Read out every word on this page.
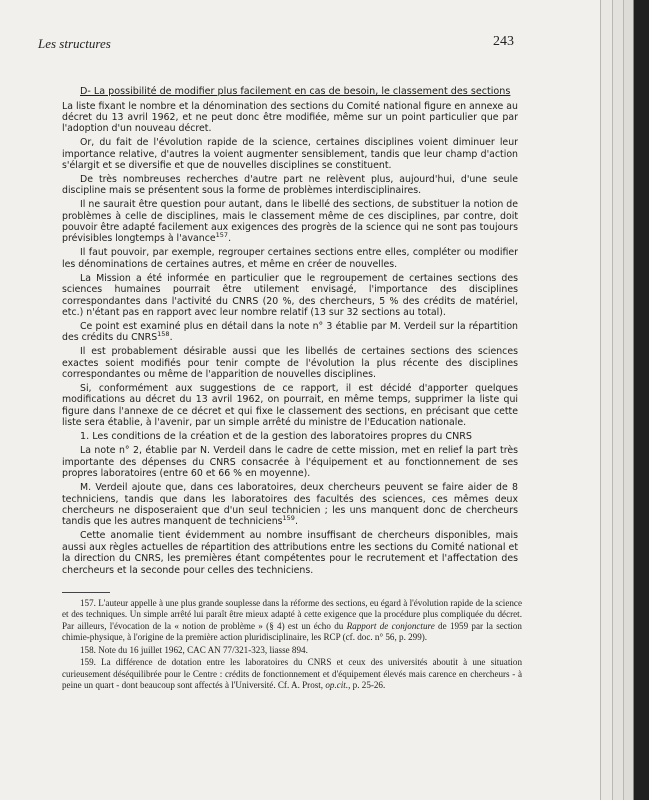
Les structures	243

D- La possibilité de modifier plus facilement en cas de besoin, le classement des sections

La liste fixant le nombre et la dénomination des sections du Comité national figure en annexe au décret du 13 avril 1962, et ne peut donc être modifiée, même sur un point particulier que par l'adoption d'un nouveau décret.

Or, du fait de l'évolution rapide de la science, certaines disciplines voient diminuer leur importance relative, d'autres la voient augmenter sensiblement, tandis que leur champ d'action s'élargit et se diversifie et que de nouvelles disciplines se constituent.

De très nombreuses recherches d'autre part ne relèvent plus, aujourd'hui, d'une seule discipline mais se présentent sous la forme de problèmes interdisciplinaires.

Il ne saurait être question pour autant, dans le libellé des sections, de substituer la notion de problèmes à celle de disciplines, mais le classement même de ces disciplines, par contre, doit pouvoir être adapté facilement aux exigences des progrès de la science qui ne sont pas toujours prévisibles longtemps à l'avance$^{157}$.

Il faut pouvoir, par exemple, regrouper certaines sections entre elles, compléter ou modifier les dénominations de certaines autres, et même en créer de nouvelles.

La Mission a été informée en particulier que le regroupement de certaines sections des sciences humaines pourrait être utilement envisagé, l'importance des disciplines correspondantes dans l'activité du CNRS (20 %, des chercheurs, 5 % des crédits de matériel, etc.) n'étant pas en rapport avec leur nombre relatif (13 sur 32 sections au total).

Ce point est examiné plus en détail dans la note n° 3 établie par M. Verdeil sur la répartition des crédits du CNRS$^{158}$.

Il est probablement désirable aussi que les libellés de certaines sections des sciences exactes soient modifiés pour tenir compte de l'évolution la plus récente des disciplines correspondantes ou même de l'apparition de nouvelles disciplines.

Si, conformément aux suggestions de ce rapport, il est décidé d'apporter quelques modifications au décret du 13 avril 1962, on pourrait, en même temps, supprimer la liste qui figure dans l'annexe de ce décret et qui fixe le classement des sections, en précisant que cette liste sera établie, à l'avenir, par un simple arrêté du ministre de l'Education nationale.

1. Les conditions de la création et de la gestion des laboratoires propres du CNRS

La note n° 2, établie par N. Verdeil dans le cadre de cette mission, met en relief la part très importante des dépenses du CNRS consacrée à l'équipement et au fonctionnement de ses propres laboratoires (entre 60 et 66 % en moyenne).

M. Verdeil ajoute que, dans ces laboratoires, deux chercheurs peuvent se faire aider de 8 techniciens, tandis que dans les laboratoires des facultés des sciences, ces mêmes deux chercheurs ne disposeraient que d'un seul technicien ; les uns manquent donc de chercheurs tandis que les autres manquent de techniciens$^{159}$.

Cette anomalie tient évidemment au nombre insuffisant de chercheurs disponibles, mais aussi aux règles actuelles de répartition des attributions entre les sections du Comité national et la direction du CNRS, les premières étant compétentes pour le recrutement et l'affectation des chercheurs et la seconde pour celles des techniciens.

157. L'auteur appelle à une plus grande souplesse dans la réforme des sections, eu égard à l'évolution rapide de la science et des techniques. Un simple arrêté lui paraît être mieux adapté à cette exigence que la procédure plus compliquée du décret. Par ailleurs, l'évocation de la « notion de problème » (§ 4) est un écho du Rapport de conjoncture de 1959 par la section chimie-physique, à l'origine de la première action pluridisciplinaire, les RCP (cf. doc. n° 56, p. 299).

158. Note du 16 juillet 1962, CAC AN 77/321-323, liasse 894.

159. La différence de dotation entre les laboratoires du CNRS et ceux des universités aboutit à une situation curieusement déséquilibrée pour le Centre : crédits de fonctionnement et d'équipement élevés mais carence en chercheurs - à peine un quart - dont beaucoup sont affectés à l'Université. Cf. A. Prost, op.cit., p. 25-26.
